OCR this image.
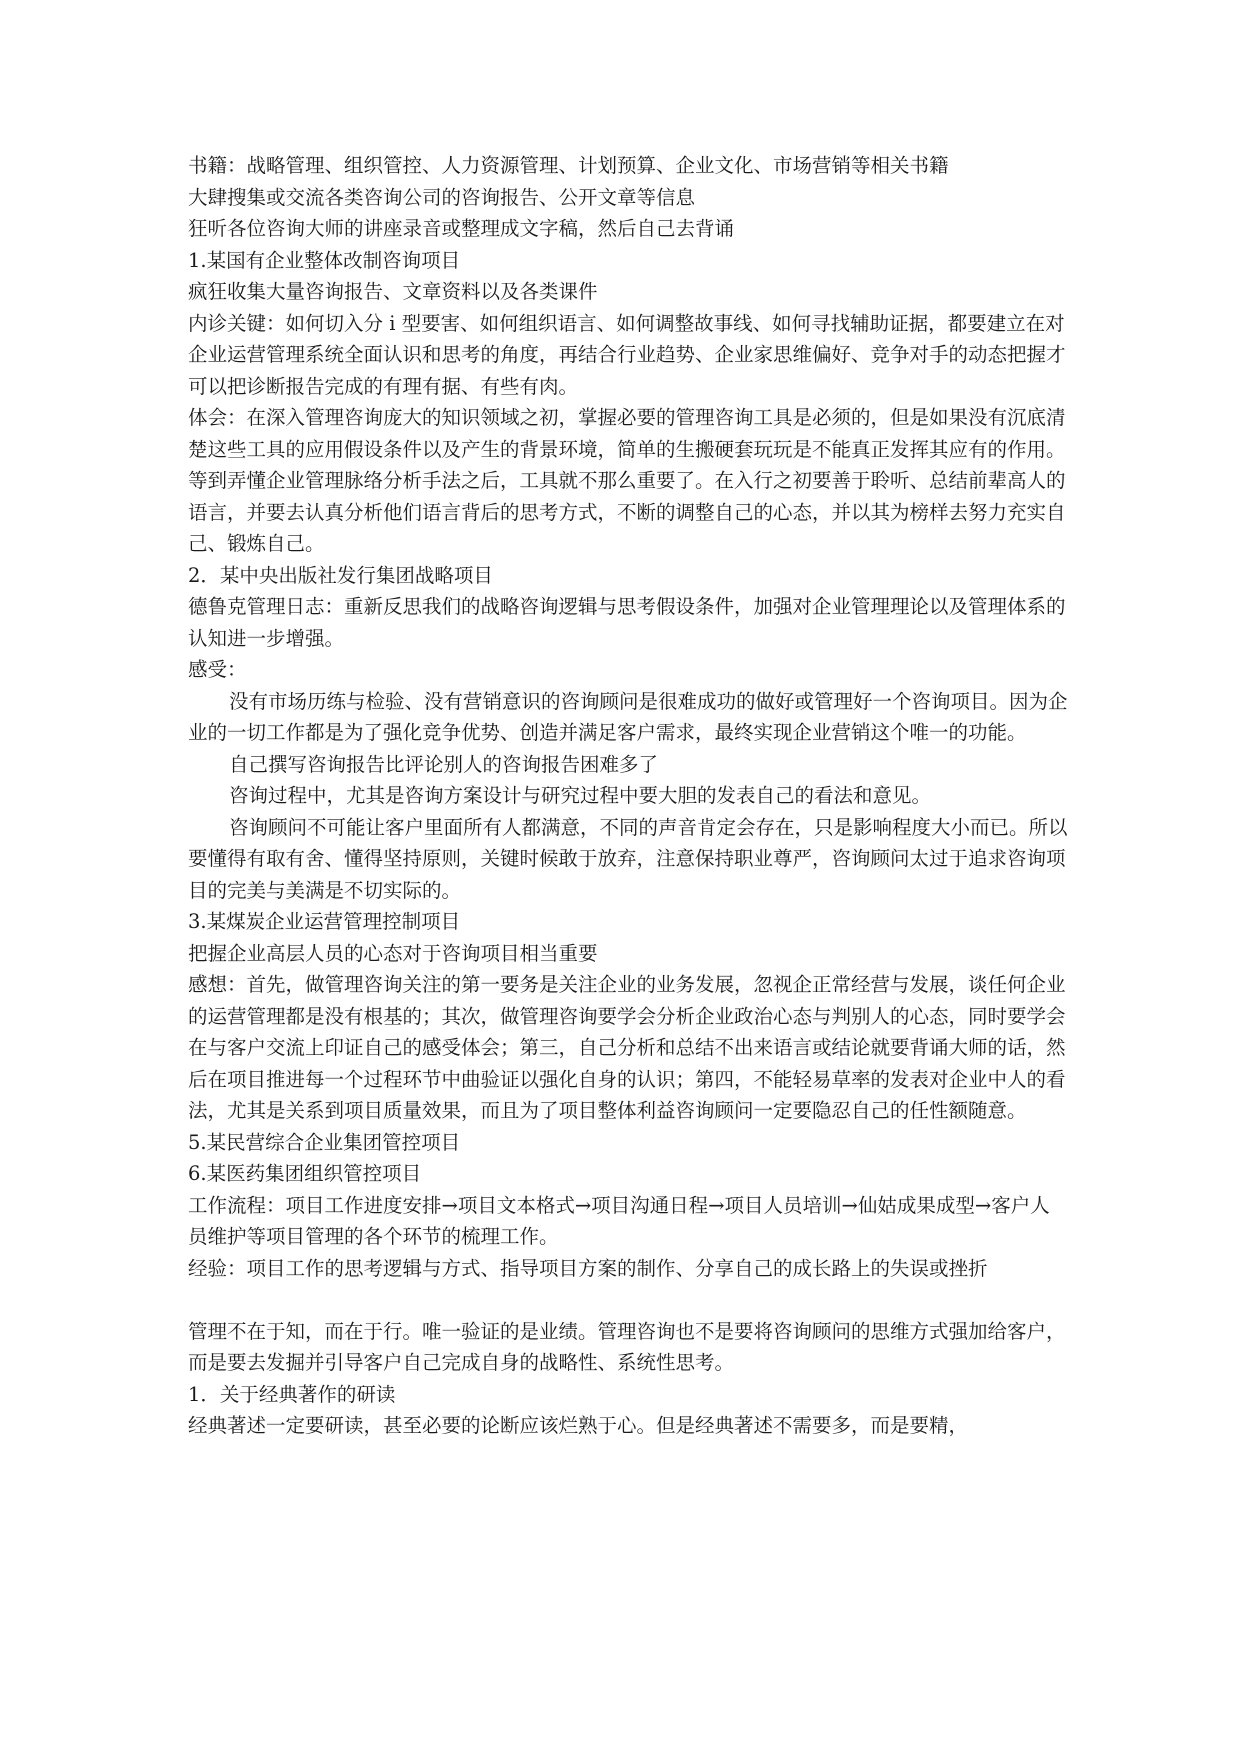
书籍：战略管理、组织管控、人力资源管理、计划预算、企业文化、市场营销等相关书籍

大肆搜集或交流各类咨询公司的咨询报告、公开文章等信息

狂听各位咨询大师的讲座录音或整理成文字稿，然后自己去背诵

1.某国有企业整体改制咨询项目

疯狂收集大量咨询报告、文章资料以及各类课件

内诊关键：如何切入分 i 型要害、如何组织语言、如何调整故事线、如何寻找辅助证据，都要建立在对企业运营管理系统全面认识和思考的角度，再结合行业趋势、企业家思维偏好、竞争对手的动态把握才可以把诊断报告完成的有理有据、有些有肉。

体会：在深入管理咨询庞大的知识领域之初，掌握必要的管理咨询工具是必须的，但是如果没有沉底清楚这些工具的应用假设条件以及产生的背景环境，简单的生搬硬套玩玩是不能真正发挥其应有的作用。等到弄懂企业管理脉络分析手法之后，工具就不那么重要了。在入行之初要善于聆听、总结前辈高人的语言，并要去认真分析他们语言背后的思考方式，不断的调整自己的心态，并以其为榜样去努力充实自己、锻炼自己。

2．某中央出版社发行集团战略项目

德鲁克管理日志：重新反思我们的战略咨询逻辑与思考假设条件，加强对企业管理理论以及管理体系的认知进一步增强。

感受：

没有市场历练与检验、没有营销意识的咨询顾问是很难成功的做好或管理好一个咨询项目。因为企业的一切工作都是为了强化竞争优势、创造并满足客户需求，最终实现企业营销这个唯一的功能。

自己撰写咨询报告比评论别人的咨询报告困难多了

咨询过程中，尤其是咨询方案设计与研究过程中要大胆的发表自己的看法和意见。

咨询顾问不可能让客户里面所有人都满意，不同的声音肯定会存在，只是影响程度大小而已。所以要懂得有取有舍、懂得坚持原则，关键时候敢于放弃，注意保持职业尊严，咨询顾问太过于追求咨询项目的完美与美满是不切实际的。

3.某煤炭企业运营管理控制项目

把握企业高层人员的心态对于咨询项目相当重要

感想：首先，做管理咨询关注的第一要务是关注企业的业务发展，忽视企正常经营与发展，谈任何企业的运营管理都是没有根基的；其次，做管理咨询要学会分析企业政治心态与判别人的心态，同时要学会在与客户交流上印证自己的感受体会；第三，自己分析和总结不出来语言或结论就要背诵大师的话，然后在项目推进每一个过程环节中曲验证以强化自身的认识；第四，不能轻易草率的发表对企业中人的看法，尤其是关系到项目质量效果，而且为了项目整体利益咨询顾问一定要隐忍自己的任性额随意。

5.某民营综合企业集团管控项目

6.某医药集团组织管控项目

工作流程：项目工作进度安排→项目文本格式→项目沟通日程→项目人员培训→仙姑成果成型→客户人员维护等项目管理的各个环节的梳理工作。

经验：项目工作的思考逻辑与方式、指导项目方案的制作、分享自己的成长路上的失误或挫折

管理不在于知，而在于行。唯一验证的是业绩。管理咨询也不是要将咨询顾问的思维方式强加给客户，而是要去发掘并引导客户自己完成自身的战略性、系统性思考。

1．关于经典著作的研读

经典著述一定要研读，甚至必要的论断应该烂熟于心。但是经典著述不需要多，而是要精，
